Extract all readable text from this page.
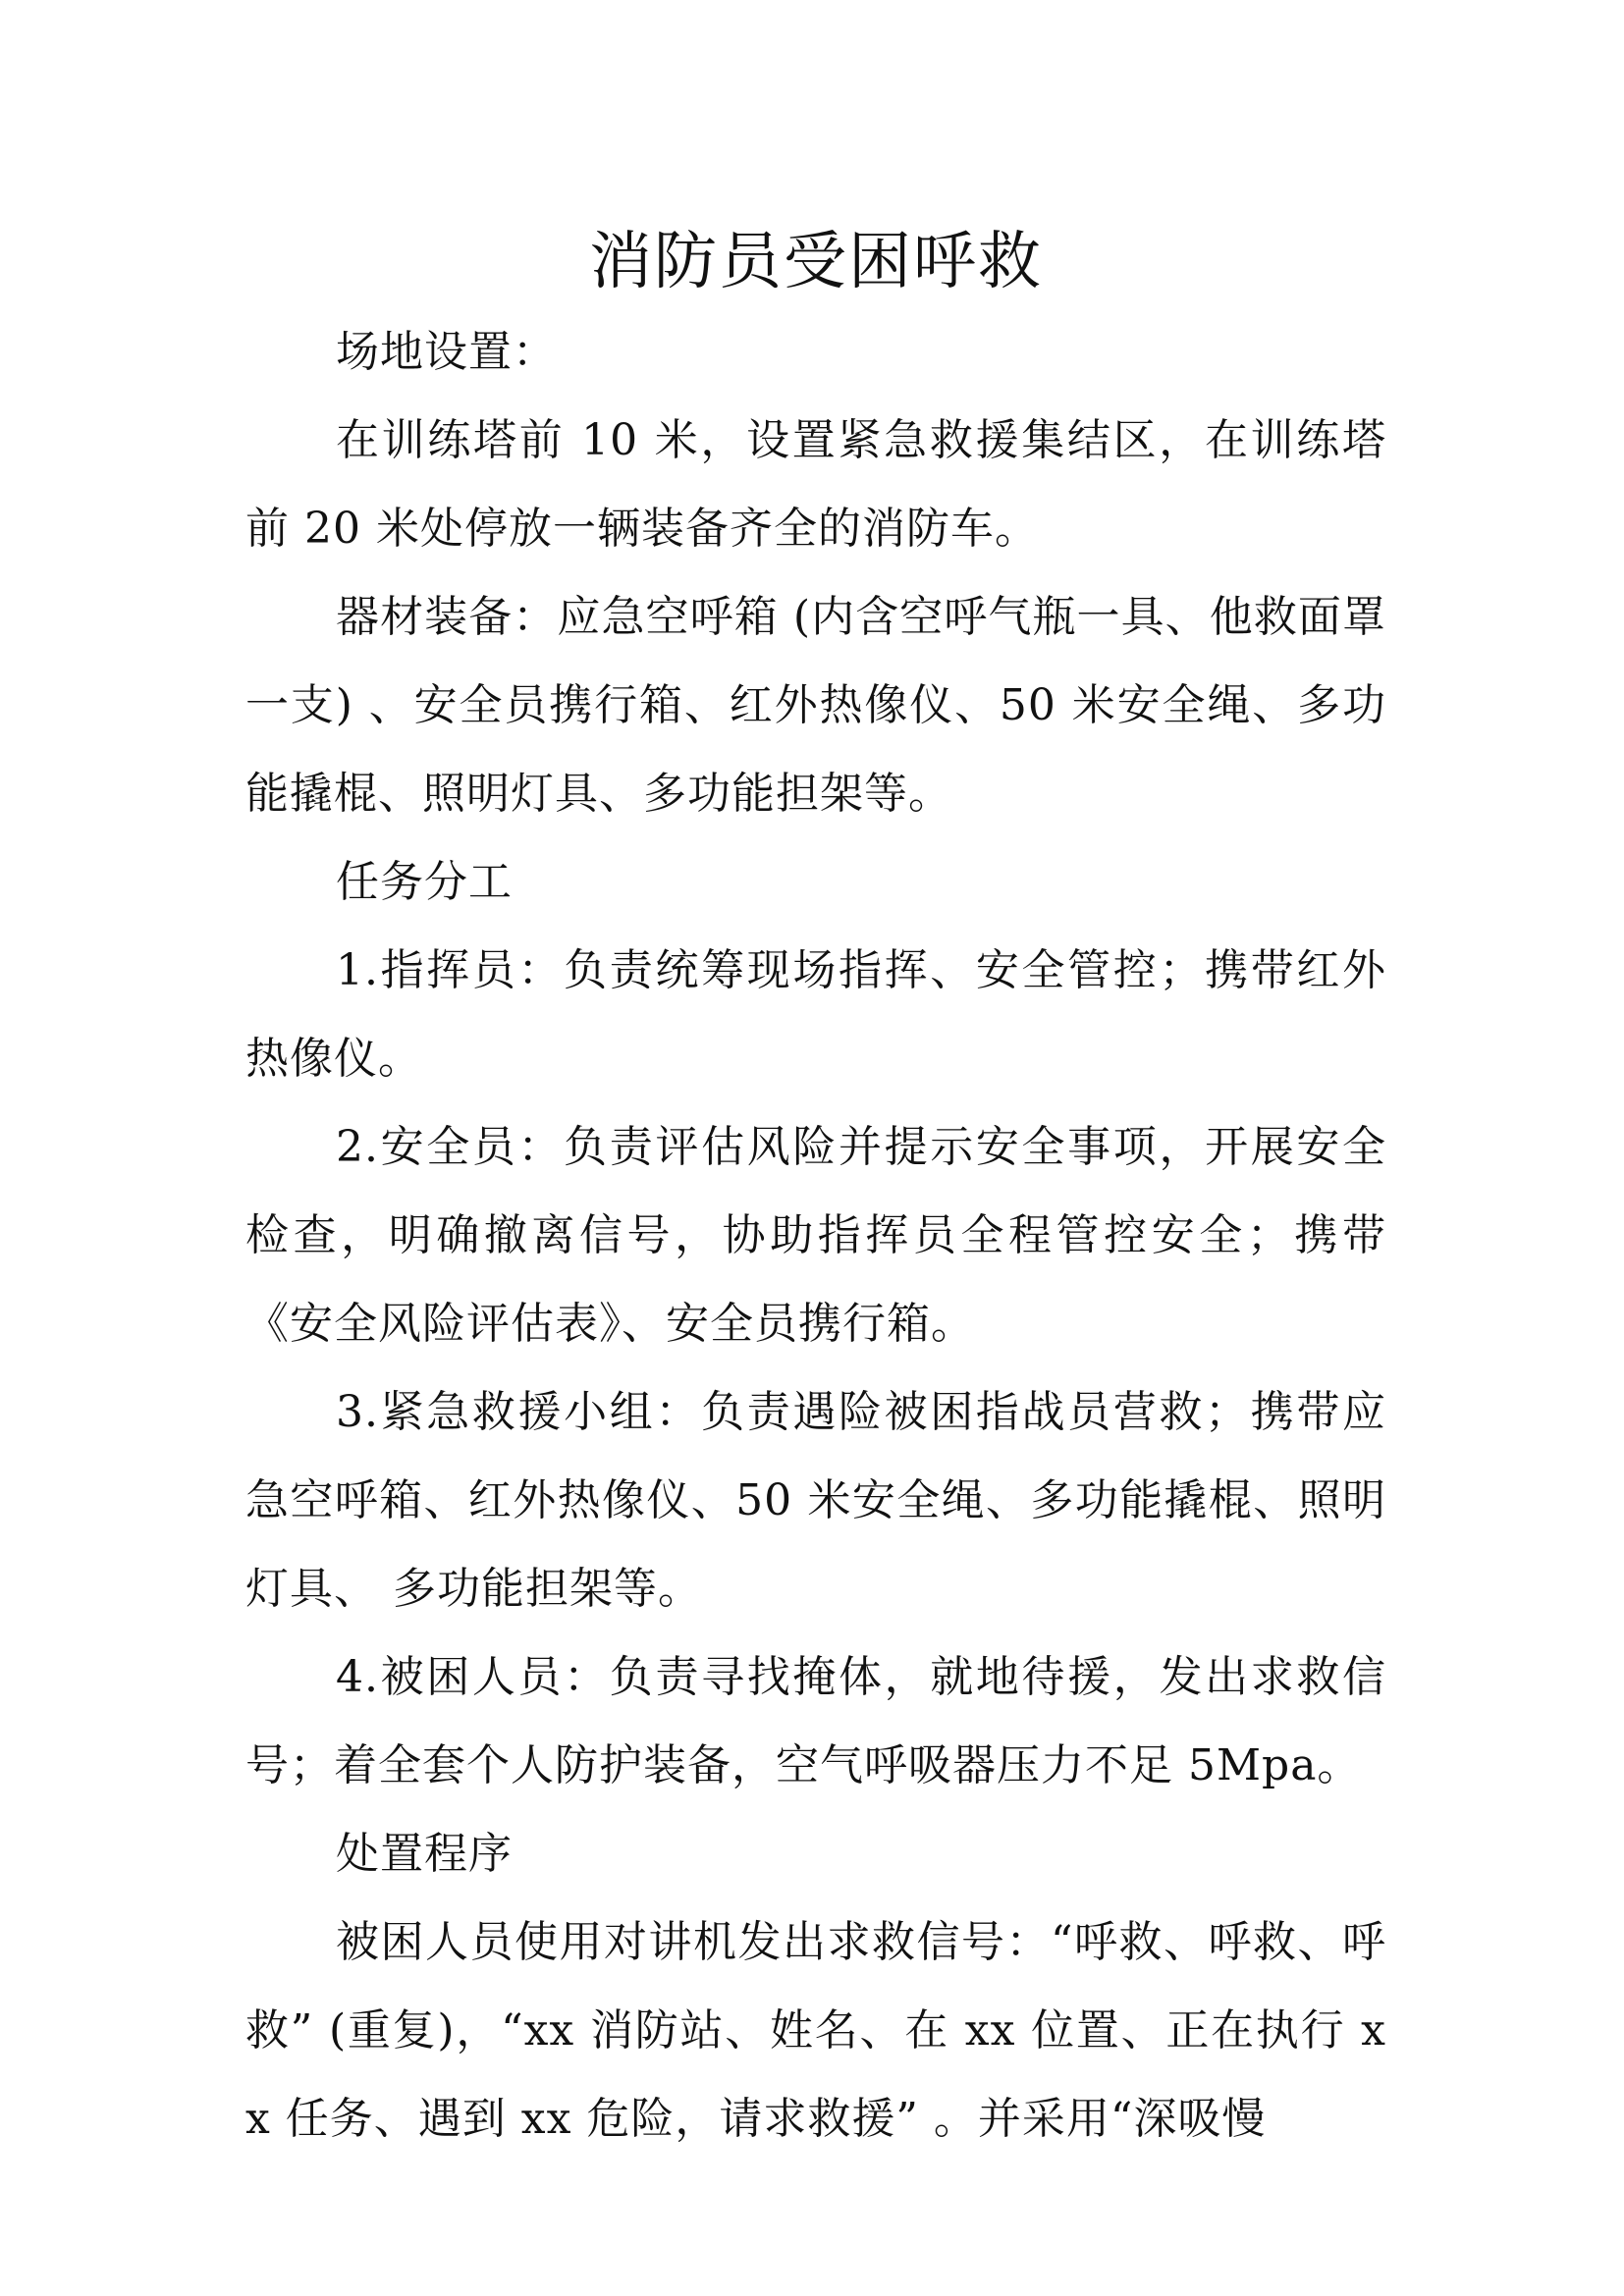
消防员受困呼救

场地设置：

在训练塔前 10 米，设置紧急救援集结区，在训练塔前 20 米处停放一辆装备齐全的消防车。

器材装备：应急空呼箱 (内含空呼气瓶一具、他救面罩一支) 、安全员携行箱、红外热像仪、50 米安全绳、多功能撬棍、照明灯具、多功能担架等。

任务分工

1.指挥员：负责统筹现场指挥、安全管控；携带红外热像仪。

2.安全员：负责评估风险并提示安全事项，开展安全检查，明确撤离信号，协助指挥员全程管控安全；携带《安全风险评估表》、安全员携行箱。

3.紧急救援小组：负责遇险被困指战员营救；携带应急空呼箱、红外热像仪、50 米安全绳、多功能撬棍、照明灯具、 多功能担架等。

4.被困人员：负责寻找掩体，就地待援，发出求救信号；着全套个人防护装备，空气呼吸器压力不足 5Mpa。

处置程序

被困人员使用对讲机发出求救信号：“呼救、呼救、呼救” (重复)，“xx 消防站、姓名、在 xx 位置、正在执行 xx 任务、遇到 xx 危险，请求救援” 。并采用“深吸慢
